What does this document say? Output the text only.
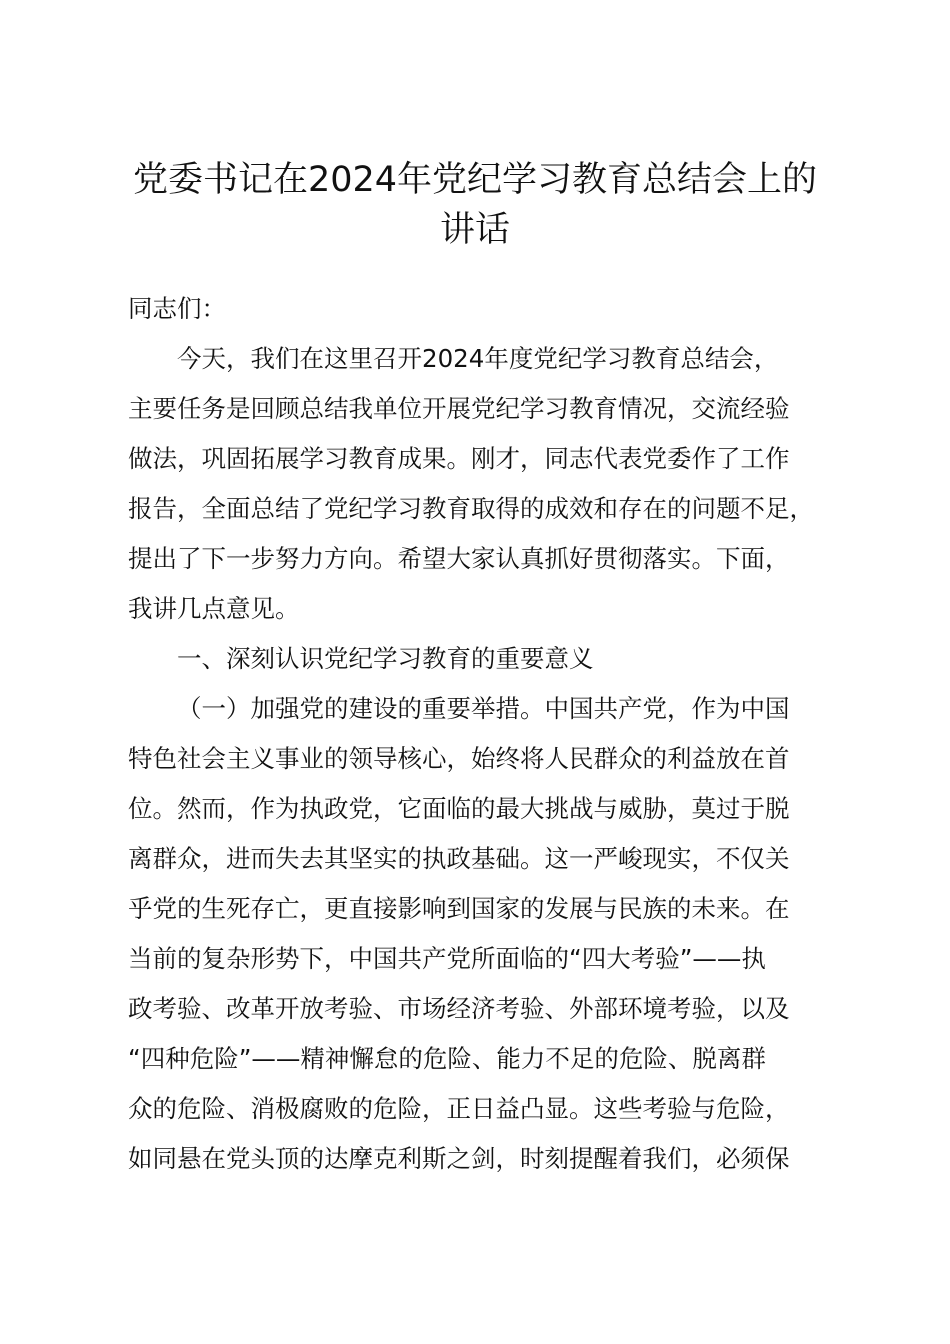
党委书记在2024年党纪学习教育总结会上的
讲话
同志们：
今天，我们在这里召开2024年度党纪学习教育总结会，
主要任务是回顾总结我单位开展党纪学习教育情况，交流经验
做法，巩固拓展学习教育成果。刚才，同志代表党委作了工作
报告，全面总结了党纪学习教育取得的成效和存在的问题不足，
提出了下一步努力方向。希望大家认真抓好贯彻落实。下面，
我讲几点意见。
一、深刻认识党纪学习教育的重要意义
（一）加强党的建设的重要举措。中国共产党，作为中国
特色社会主义事业的领导核心，始终将人民群众的利益放在首
位。然而，作为执政党，它面临的最大挑战与威胁，莫过于脱
离群众，进而失去其坚实的执政基础。这一严峻现实，不仅关
乎党的生死存亡，更直接影响到国家的发展与民族的未来。在
当前的复杂形势下，中国共产党所面临的“四大考验”——执
政考验、改革开放考验、市场经济考验、外部环境考验，以及
“四种危险”——精神懈怠的危险、能力不足的危险、脱离群
众的危险、消极腐败的危险，正日益凸显。这些考验与危险，
如同悬在党头顶的达摩克利斯之剑，时刻提醒着我们，必须保
